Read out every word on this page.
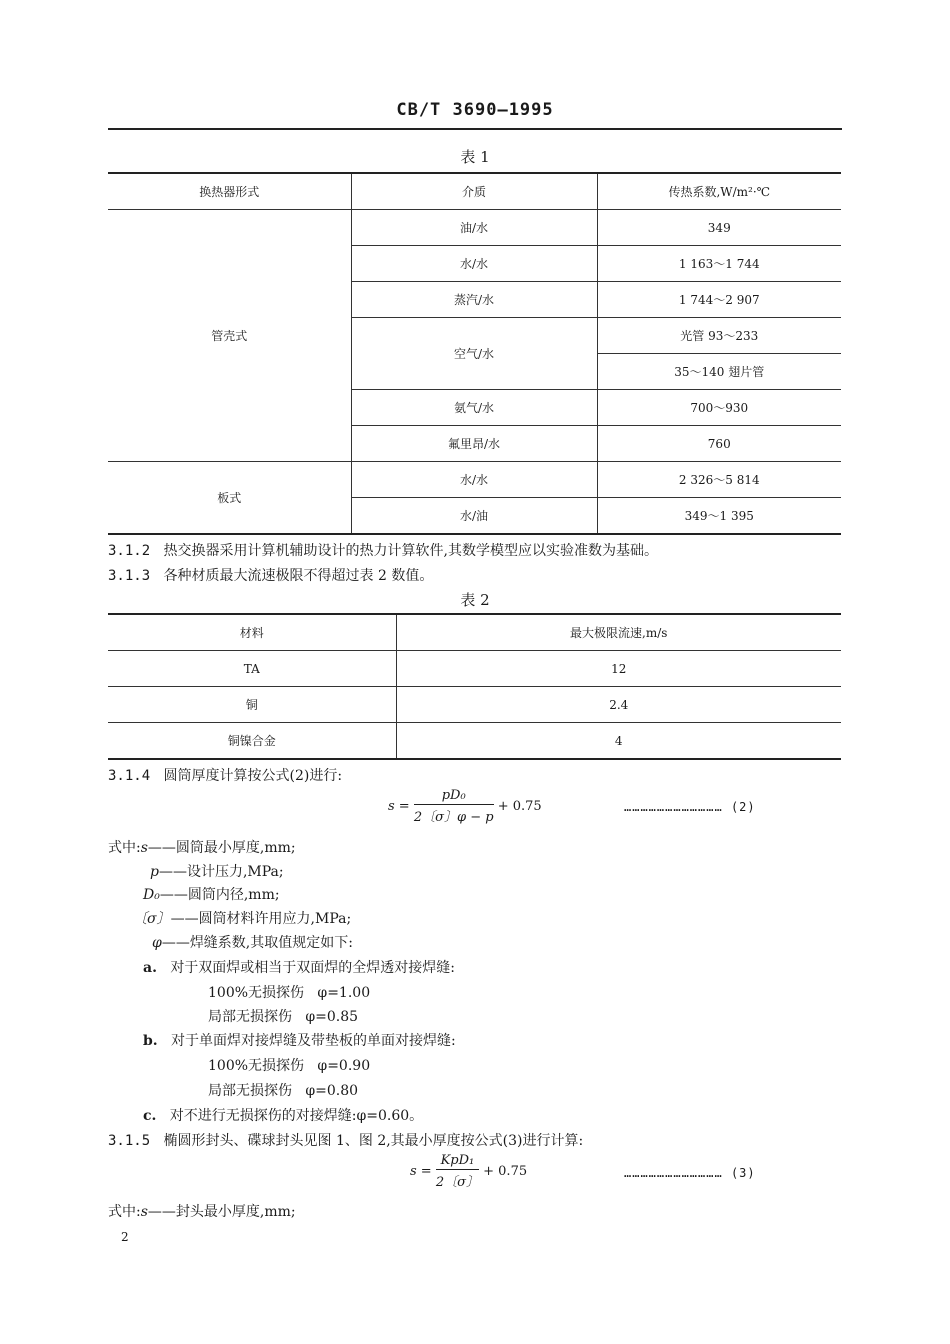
CB/T 3690—1995
表 1
换热器形式	介质	传热系数,W/m²·℃
管壳式	油/水	349
	水/水	1 163～1 744
	蒸汽/水	1 744～2 907
	空气/水	光管 93～233
		35～140 翅片管
	氨气/水	700～930
	氟里昂/水	760
板式	水/水	2 326～5 814
	水/油	349～1 395
3.1.2 热交换器采用计算机辅助设计的热力计算软件,其数学模型应以实验准数为基础。
3.1.3 各种材质最大流速极限不得超过表 2 数值。
表 2
材料	最大极限流速,m/s
TA	12
铜	2.4
铜镍合金	4
3.1.4 圆筒厚度计算按公式(2)进行:
$s = \frac{\text{pD₀}}{2〔\sigma〕\varphi - p} + 0.75$	……………………………… (2)
式中:s——圆筒最小厚度,mm;
p——设计压力,MPa;
D₀——圆筒内径,mm;
〔σ〕——圆筒材料许用应力,MPa;
φ——焊缝系数,其取值规定如下:
a. 对于双面焊或相当于双面焊的全焊透对接焊缝:
100%无损探伤 φ=1.00
局部无损探伤 φ=0.85
b. 对于单面焊对接焊缝及带垫板的单面对接焊缝:
100%无损探伤 φ=0.90
局部无损探伤 φ=0.80
c. 对不进行无损探伤的对接焊缝:φ=0.60。
3.1.5 椭圆形封头、碟球封头见图 1、图 2,其最小厚度按公式(3)进行计算:
$s = \frac{\text{KpD₁}}{2〔\sigma〕} + 0.75$	……………………………… (3)
式中:s——封头最小厚度,mm;
2
